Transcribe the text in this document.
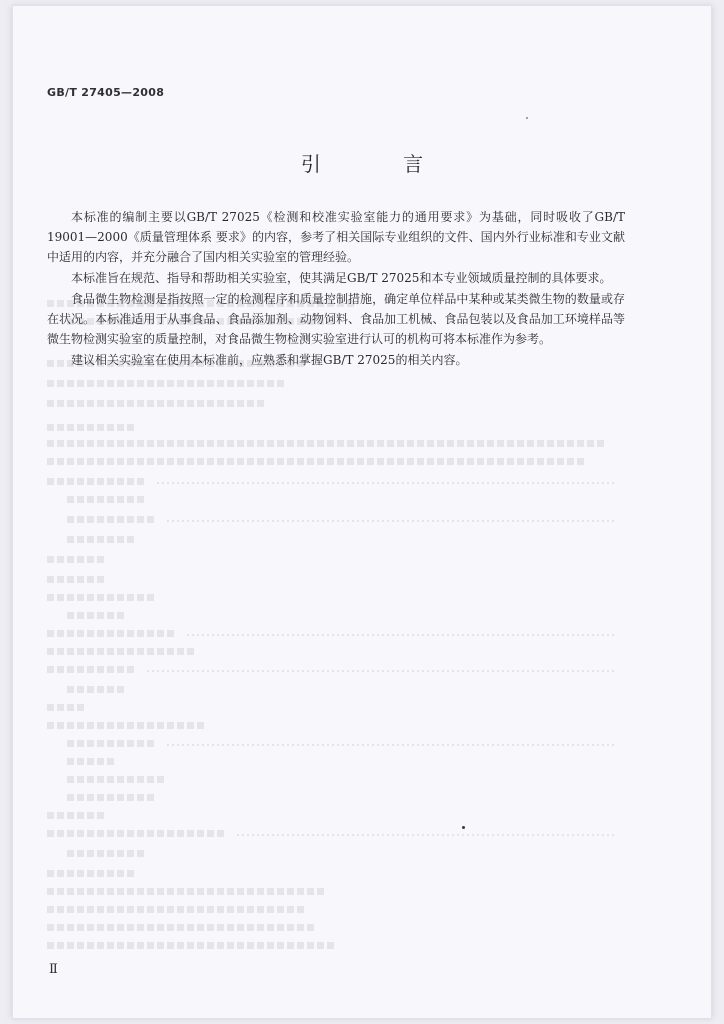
GB/T 27405—2008
引 言

本标准的编制主要以GB/T 27025《检测和校准实验室能力的通用要求》为基础，同时吸收了GB/T 19001—2000《质量管理体系 要求》的内容，参考了相关国际专业组织的文件、国内外行业标准和专业文献中适用的内容，并充分融合了国内相关实验室的管理经验。

本标准旨在规范、指导和帮助相关实验室，使其满足GB/T 27025和本专业领域质量控制的具体要求。

食品微生物检测是指按照一定的检测程序和质量控制措施，确定单位样品中某种或某类微生物的数量或存在状况。本标准适用于从事食品、食品添加剂、动物饲料、食品加工机械、食品包装以及食品加工环境样品等微生物检测实验室的质量控制，对食品微生物检测实验室进行认可的机构可将本标准作为参考。

建议相关实验室在使用本标准前，应熟悉和掌握GB/T 27025的相关内容。

Ⅱ
